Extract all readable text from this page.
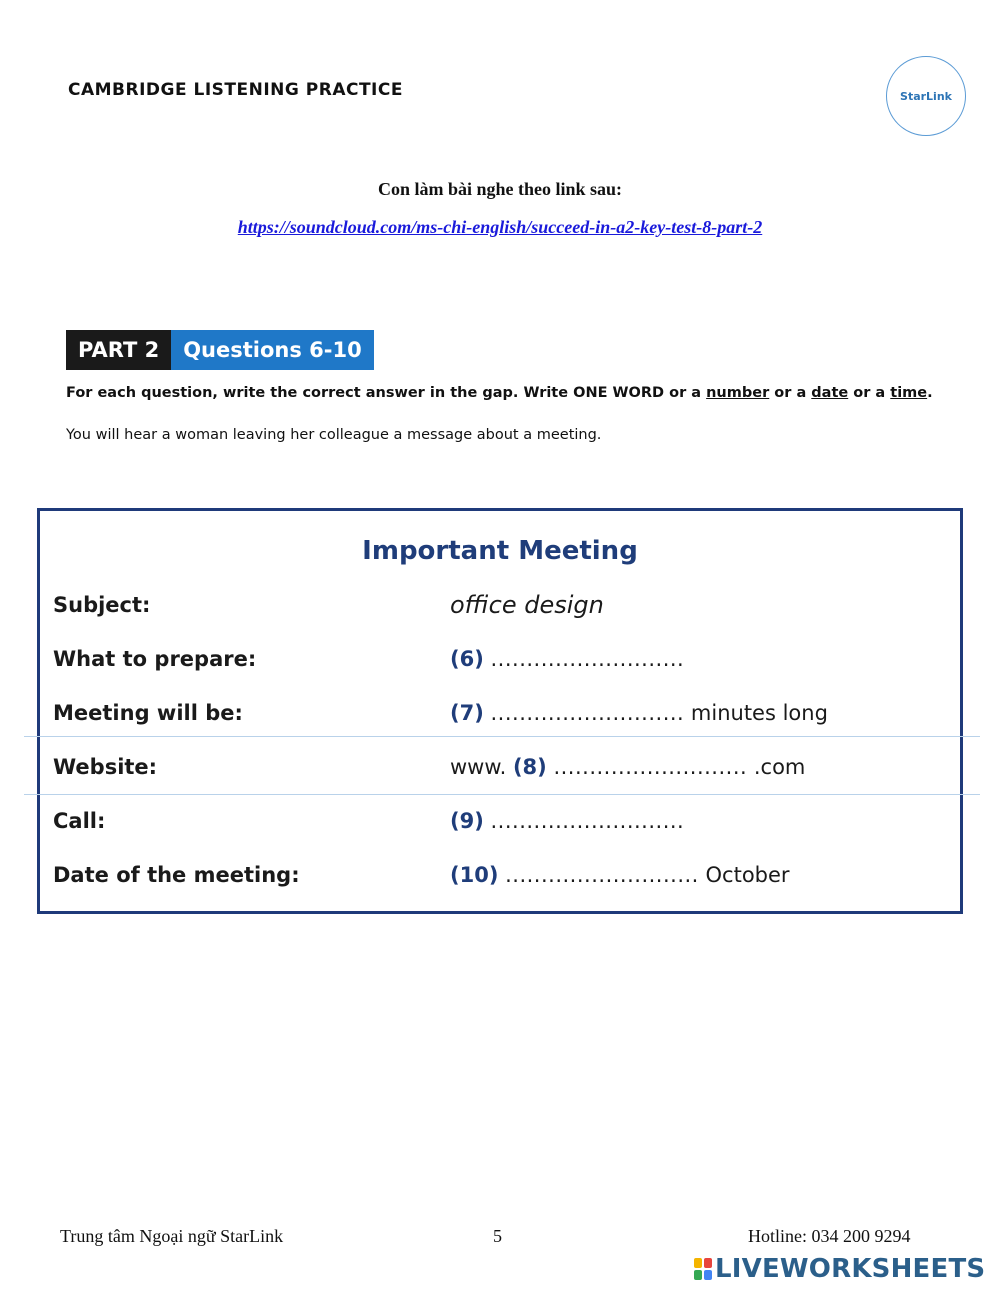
CAMBRIDGE LISTENING PRACTICE	StarLink
Con làm bài nghe theo link sau:
https://soundcloud.com/ms-chi-english/succeed-in-a2-key-test-8-part-2
PART 2	Questions 6-10
For each question, write the correct answer in the gap. Write ONE WORD or a number or a date or a time.
You will hear a woman leaving her colleague a message about a meeting.
Important Meeting
Subject:	office design
What to prepare:	(6) ...........................
Meeting will be:	(7) ........................... minutes long
Website:	www. (8) ........................... .com
Call:	(9) ...........................
Date of the meeting:	(10) ........................... October
Trung tâm Ngoại ngữ StarLink	5	Hotline: 034 200 9294
LIVEWORKSHEETS
